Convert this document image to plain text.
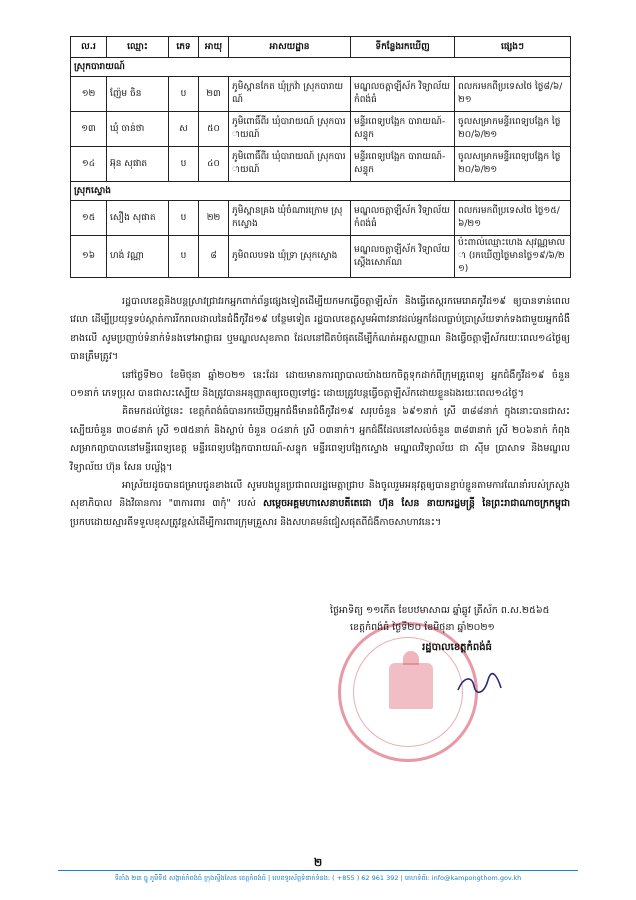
ល.រ	ឈ្មោះ	ភេទ	អាយុ	អាសយដ្ឋាន	ទីកន្លែងរកឃើញ	ផ្សេងៗ
ស្រុកបារាយណ៍						
១២	ញ៉ែម ចិន	ប	២៣	ភូមិស្ពានកែត ឃុំក្រវ៉ា ស្រុកបារាយណ៍	មណ្ឌលចត្តាឡីស័ក វិទ្យាល័យកំពង់ធំ	ពលករមកពីប្រទេសថៃ ថ្ងៃ៨/៦/២១
១៣	ឃុំ ចាន់ថា	ស	៥០	ភូមិពោធិ៍ពីរ ឃុំបារាយណ៍ ស្រុកបារាយណ៍	មន្ទីរពេទ្យបង្អែក បារាយណ៍-សន្ទុក	ចូលសម្រាកមន្ទីរពេទ្យបង្អែក ថ្ងៃ២០/៦/២១
១៤	អ៊ុន សុផាត	ប	៤០	ភូមិពោធិ៍ពីរ ឃុំបារាយណ៍ ស្រុកបារាយណ៍	មន្ទីរពេទ្យបង្អែក បារាយណ៍-សន្ទុក	ចូលសម្រាកមន្ទីរពេទ្យបង្អែក ថ្ងៃ២០/៦/២១
ស្រុកស្ទោង						
១៥	សឿង សុផាត	ប	២២	ភូមិស្ពានគ្រង ឃុំចំណារក្រោម ស្រុកស្ទោង	មណ្ឌលចត្តាឡីស័ក វិទ្យាល័យកំពង់ធំ	ពលករមកពីប្រទេសថៃ ថ្ងៃ១៥/៦/២១
១៦	ហង់ វណ្ណា	ប	៨	ភូមិពលបទង ឃុំទ្រា ស្រុកស្ទោង	មណ្ឌលចត្តាឡីស័ក វិទ្យាល័យស្ដើងសោភ័ណ	ប៉ះពាល់ឈ្មោះហេង សុវណ្ណមាលា (រកឃើញថ្ងៃមានថ្ងៃ១៩/៦/២១)

រដ្ឋបាលខេត្តនិងបន្តស្រាវជ្រាវរកអ្នកពាក់ព័ន្ធផ្សេងទៀតដើម្បីយកមកធ្វើចត្តាឡីស័ក និងធ្វើតេស្តរកមេរោគកូវីដ១៩ ឲ្យបានទាន់ពេលវេលា ដើម្បីប្រយុទ្ធទប់ស្កាត់ការរីករាលដាលនៃជំងឺកូវីដ១៩ បន្ថែមទៀត រដ្ឋបាលខេត្តសូមអំពាវនាវដល់អ្នកដែលធ្លាប់ប្រាស្រ័យទាក់ទងជាមួយអ្នកជំងឺខាងលើ សូមប្រញាប់ទំនាក់ទំនងទៅអាជ្ញាធរ ឬមណ្ឌលសុខភាព ដែលនៅជិតបំផុតដើម្បីកំណត់អត្តសញ្ញាណ និងធ្វើចត្តាឡីស័ករយៈពេល១៤ថ្ងៃឲ្យបានត្រឹមត្រូវ។

នៅថ្ងៃទី២០ ខែមិថុនា ឆ្នាំ២០២១ នេះដែរ ដោយមានការព្យាបាលយ៉ាងយកចិត្តទុកដាក់ពីក្រុមគ្រូពេទ្យ អ្នកជំងឺកូវីដ១៩ ចំនួន ០១នាក់ ភេទប្រុស បានជាសះស្បើយ និងត្រូវបានអនុញ្ញាតឲ្យចេញទៅផ្ទះ ដោយត្រូវបន្តធ្វើចត្តាឡីស័កដោយខ្លួនឯងរយៈពេល១៤ថ្ងៃ។

គិតមកដល់ថ្ងៃនេះ ខេត្តកំពង់ធំបានរកឃើញអ្នកជំងឺមានជំងឺកូវីដ១៩ សរុបចំនួន ៦៩១នាក់ ស្រី ៣៨៨នាក់ ក្នុងនោះបានជាសះស្បើយចំនួន ៣០៨នាក់ ស្រី ១៧៥នាក់ និងស្លាប់ ចំនួន ០៤នាក់ ស្រី ០៣នាក់។ អ្នកជំងឺដែលនៅសល់ចំនួន ៣៨៣នាក់ ស្រី ២០៦នាក់ កំពុងសម្រាកព្យាបាលនៅមន្ទីរពេទ្យខេត្ត មន្ទីរពេទ្យបង្អែកបារាយណ៍-សន្ទុក មន្ទីរពេទ្យបង្អែកស្ទោង មណ្ឌលវិទ្យាល័យ ជា ស៊ីម ប្រាសាទ និងមណ្ឌលវិទ្យាល័យ ហ៊ុន សែន បល្ល័ង្ក។

អាស្រ័យដូចបានជម្រាបជូនខាងលើ សូមបងប្អូនប្រជាពលរដ្ឋមេត្តាជ្រាប និងចូលរួមអនុវត្តឲ្យបានខ្ជាប់ខ្ជួនតាមការណែនាំរបស់ក្រសួងសុខាភិបាល និងវិធានការ "៣ការពារ ៣កុំ" របស់ សម្ដេចអគ្គមហាសេនាបតីតេជោ ហ៊ុន សែន នាយករដ្ឋមន្ត្រី នៃព្រះរាជាណាចក្រកម្ពុជា ប្រកបដោយស្មារតីទទួលខុសត្រូវខ្ពស់ដើម្បីការពារក្រុមគ្រួសារ និងសហគមន៍ជៀសផុតពីជំងឺកាចសាហាវនេះ។

ថ្ងៃអាទិត្យ ១១កើត ខែបឋមាសាឍ ឆ្នាំឆ្លូវ ត្រីស័ក ព.ស.២៥៦៥
ខេត្តកំពង់ធំ ថ្ងៃទី២០ ខែមិថុនា ឆ្នាំ២០២១
រដ្ឋបាលខេត្តកំពង់ធំ
២
ទីតាំង ២៣ ធ្នូ ភូមិទី៥ សង្កាត់កំពង់ធំ ក្រុងស្ទឹងសែន ខេត្តកំពង់ធំ | លេខទូរស័ព្ទទំនាក់ទំនង: ( +855 ) 62 961 392 | គេហទំព័រ: info@kampongthom.gov.kh
